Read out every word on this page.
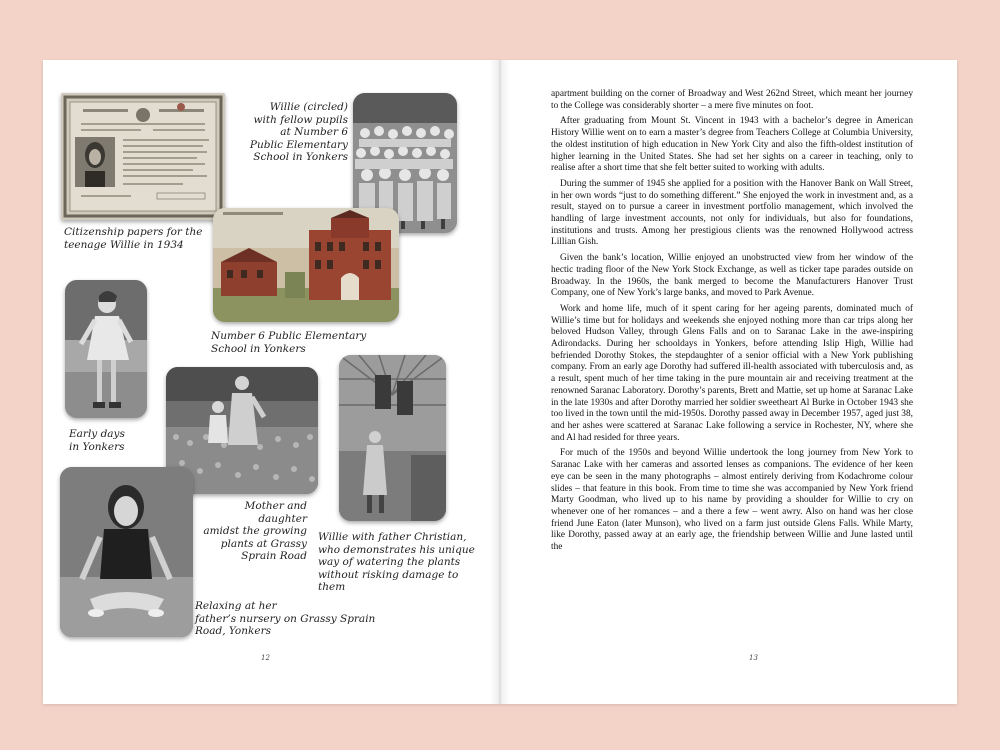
Citizenship papers for the
teenage Willie in 1934
Willie (circled)
with fellow pupils
at Number 6
Public Elementary
School in Yonkers
Number 6 Public Elementary
School in Yonkers
Early days
in Yonkers
Mother and daughter
amidst the growing
plants at Grassy
Sprain Road
Willie with father Christian,
who demonstrates his unique
way of watering the plants
without risking damage to
them
Relaxing at her
father’s nursery on Grassy Sprain
Road, Yonkers
12

apartment building on the corner of Broadway and West 262nd Street, which meant her journey to the College was considerably shorter – a mere five minutes on foot.

After graduating from Mount St. Vincent in 1943 with a bachelor’s degree in American History Willie went on to earn a master’s degree from Teachers College at Columbia University, the oldest institution of high education in New York City and also the fifth-oldest institution of higher learning in the United States. She had set her sights on a career in teaching, only to realise after a short time that she felt better suited to working with adults.

During the summer of 1945 she applied for a position with the Hanover Bank on Wall Street, in her own words “just to do something different.” She enjoyed the work in investment and, as a result, stayed on to pursue a career in investment portfolio management, which involved the handling of large investment accounts, not only for individuals, but also for foundations, institutions and trusts. Among her prestigious clients was the renowned Hollywood actress Lillian Gish.

Given the bank’s location, Willie enjoyed an unobstructed view from her window of the hectic trading floor of the New York Stock Exchange, as well as ticker tape parades outside on Broadway. In the 1960s, the bank merged to become the Manufacturers Hanover Trust Company, one of New York’s large banks, and moved to Park Avenue.

Work and home life, much of it spent caring for her ageing parents, dominated much of Willie’s time but for holidays and weekends she enjoyed nothing more than car trips along her beloved Hudson Valley, through Glens Falls and on to Saranac Lake in the awe-inspiring Adirondacks. During her schooldays in Yonkers, before attending Islip High, Willie had befriended Dorothy Stokes, the stepdaughter of a senior official with a New York publishing company. From an early age Dorothy had suffered ill-health associated with tuberculosis and, as a result, spent much of her time taking in the pure mountain air and receiving treatment at the renowned Saranac Laboratory. Dorothy’s parents, Brett and Mattie, set up home at Saranac Lake in the late 1930s and after Dorothy married her soldier sweetheart Al Burke in October 1943 she too lived in the town until the mid-1950s. Dorothy passed away in December 1957, aged just 38, and her ashes were scattered at Saranac Lake following a service in Rochester, NY, where she and Al had resided for three years.

For much of the 1950s and beyond Willie undertook the long journey from New York to Saranac Lake with her cameras and assorted lenses as companions. The evidence of her keen eye can be seen in the many photographs – almost entirely deriving from Kodachrome colour slides – that feature in this book. From time to time she was accompanied by New York friend Marty Goodman, who lived up to his name by providing a shoulder for Willie to cry on whenever one of her romances – and a there a few – went awry. Also on hand was her close friend June Eaton (later Munson), who lived on a farm just outside Glens Falls. While Marty, like Dorothy, passed away at an early age, the friendship between Willie and June lasted until the

13
